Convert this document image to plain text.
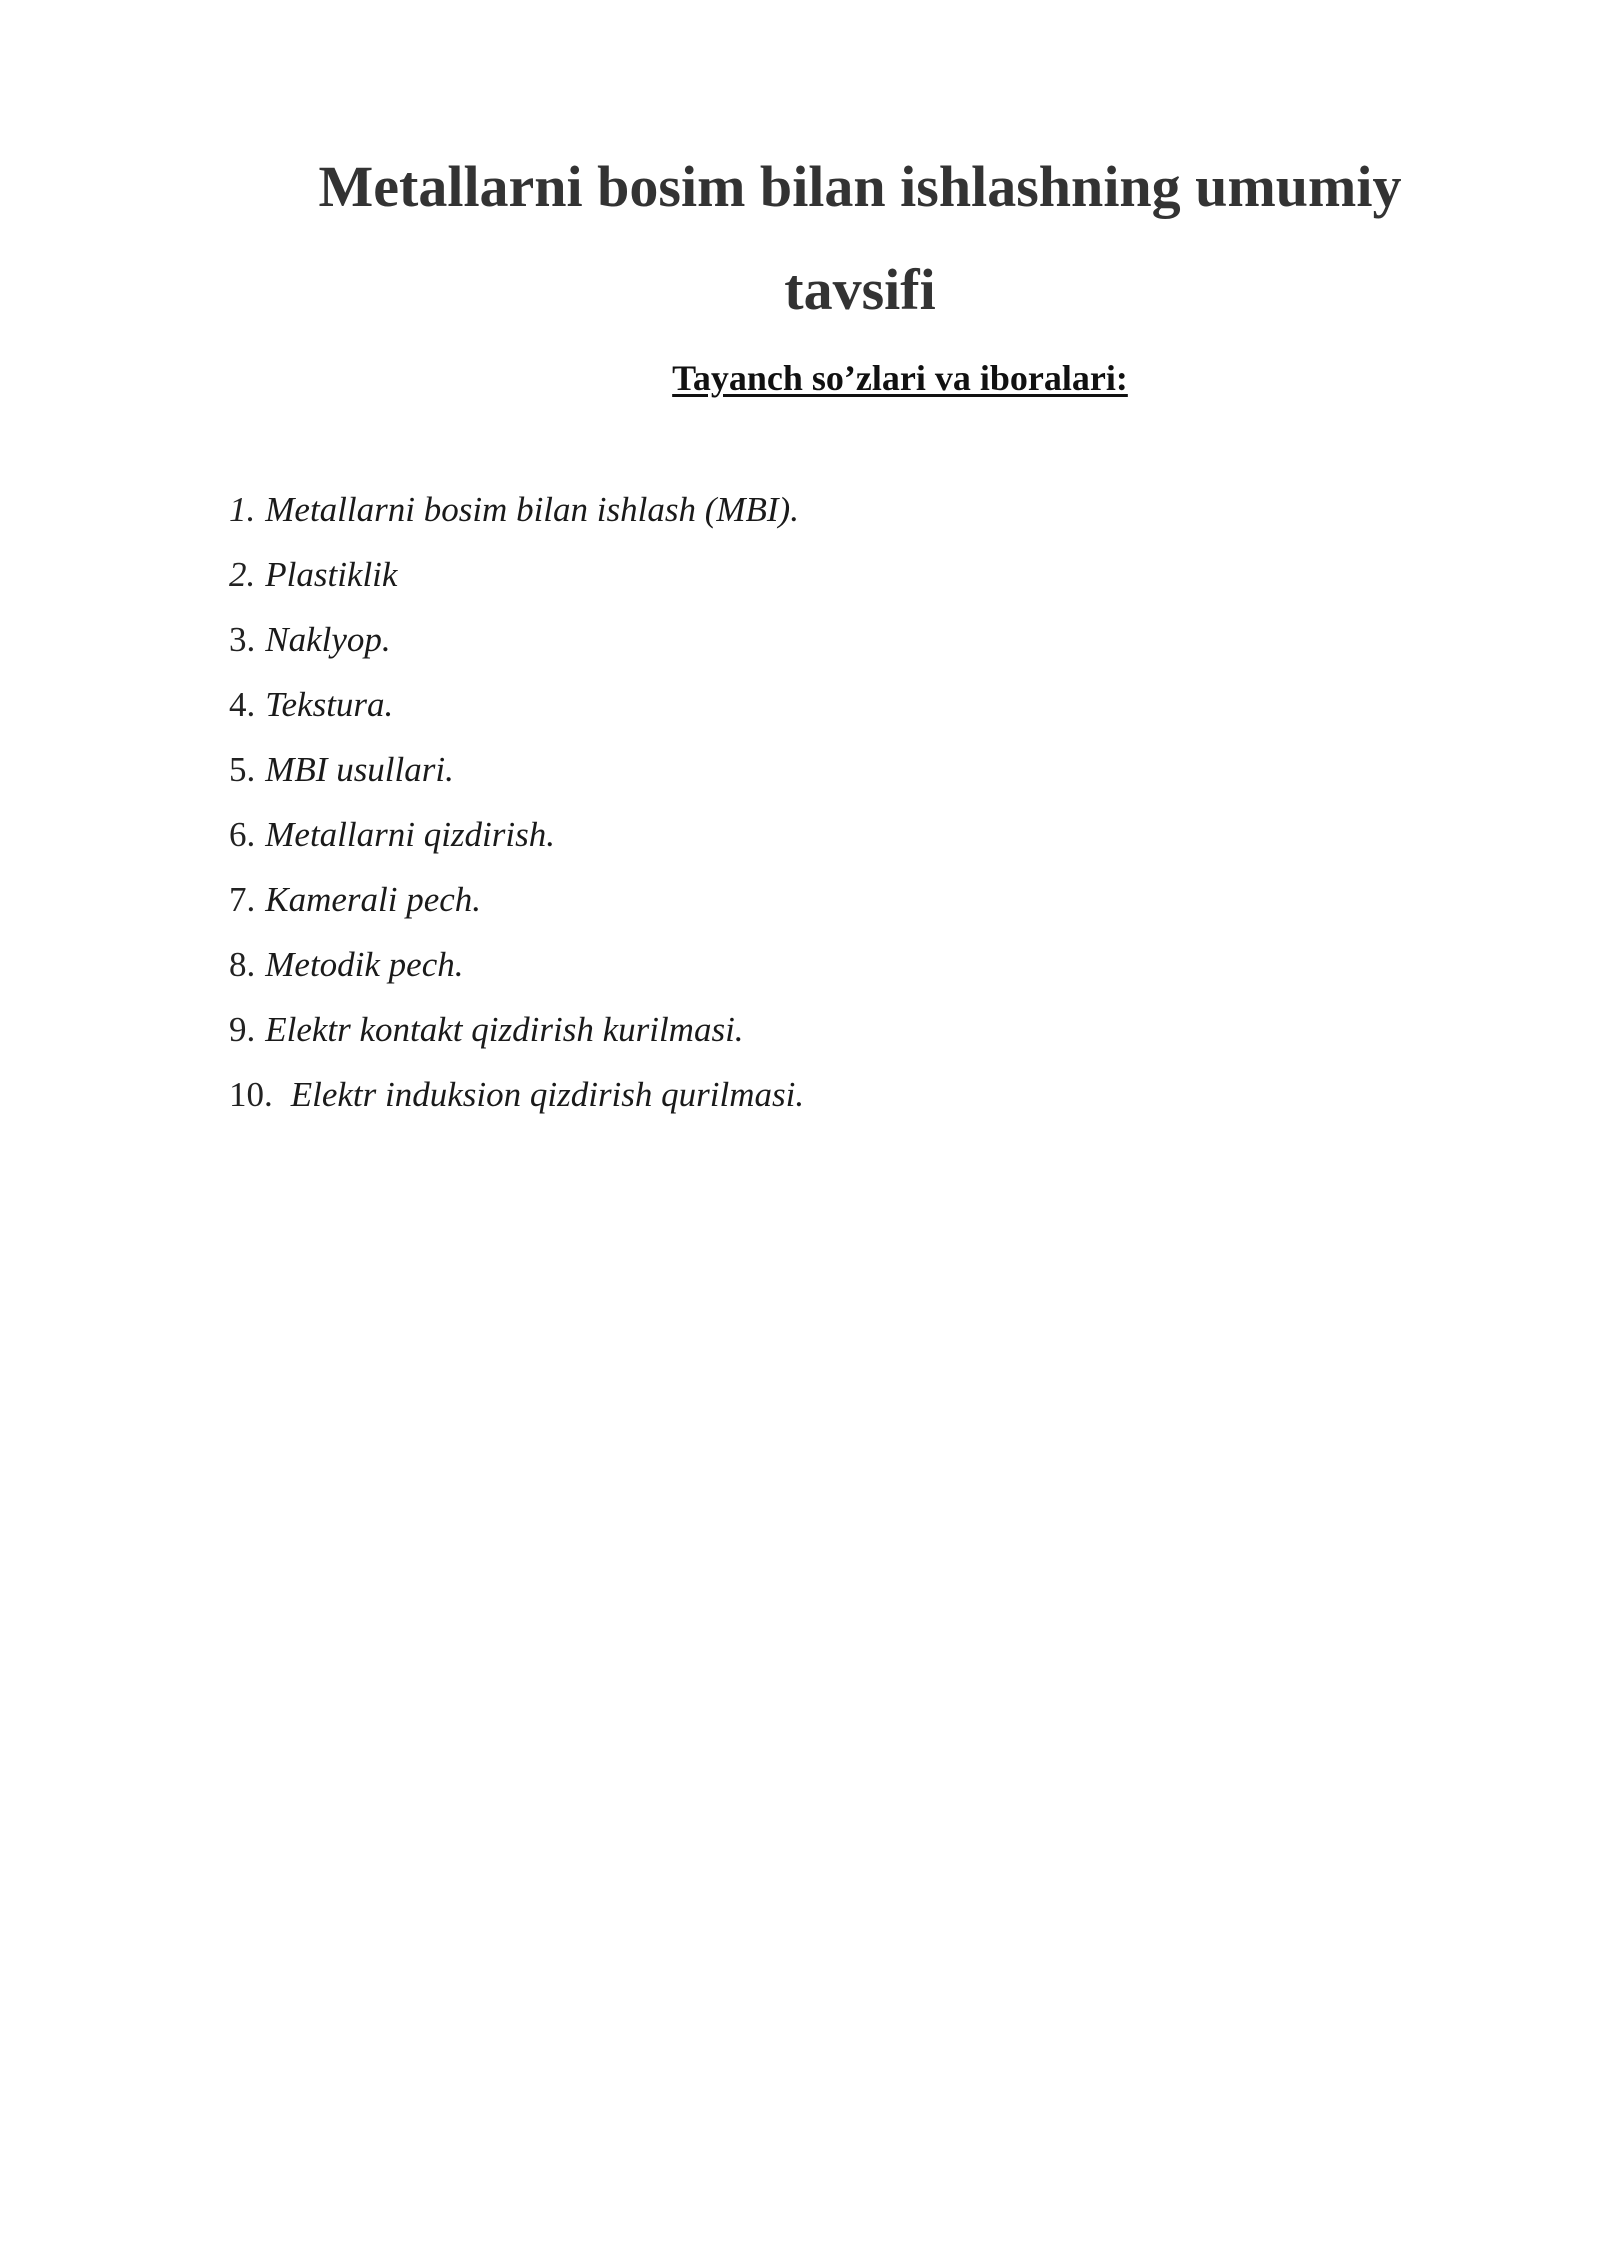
Metallarni bosim bilan ishlashning umumiy
tavsifi
Tayanch so’zlari va iboralari:
1. Metallarni bosim bilan ishlash (MBI).
2. Plastiklik
3. Naklyop.
4. Tekstura.
5. MBI usullari.
6. Metallarni qizdirish.
7. Kamerali pech.
8. Metodik pech.
9. Elektr kontakt qizdirish kurilmasi.
10. Elektr induksion qizdirish qurilmasi.
